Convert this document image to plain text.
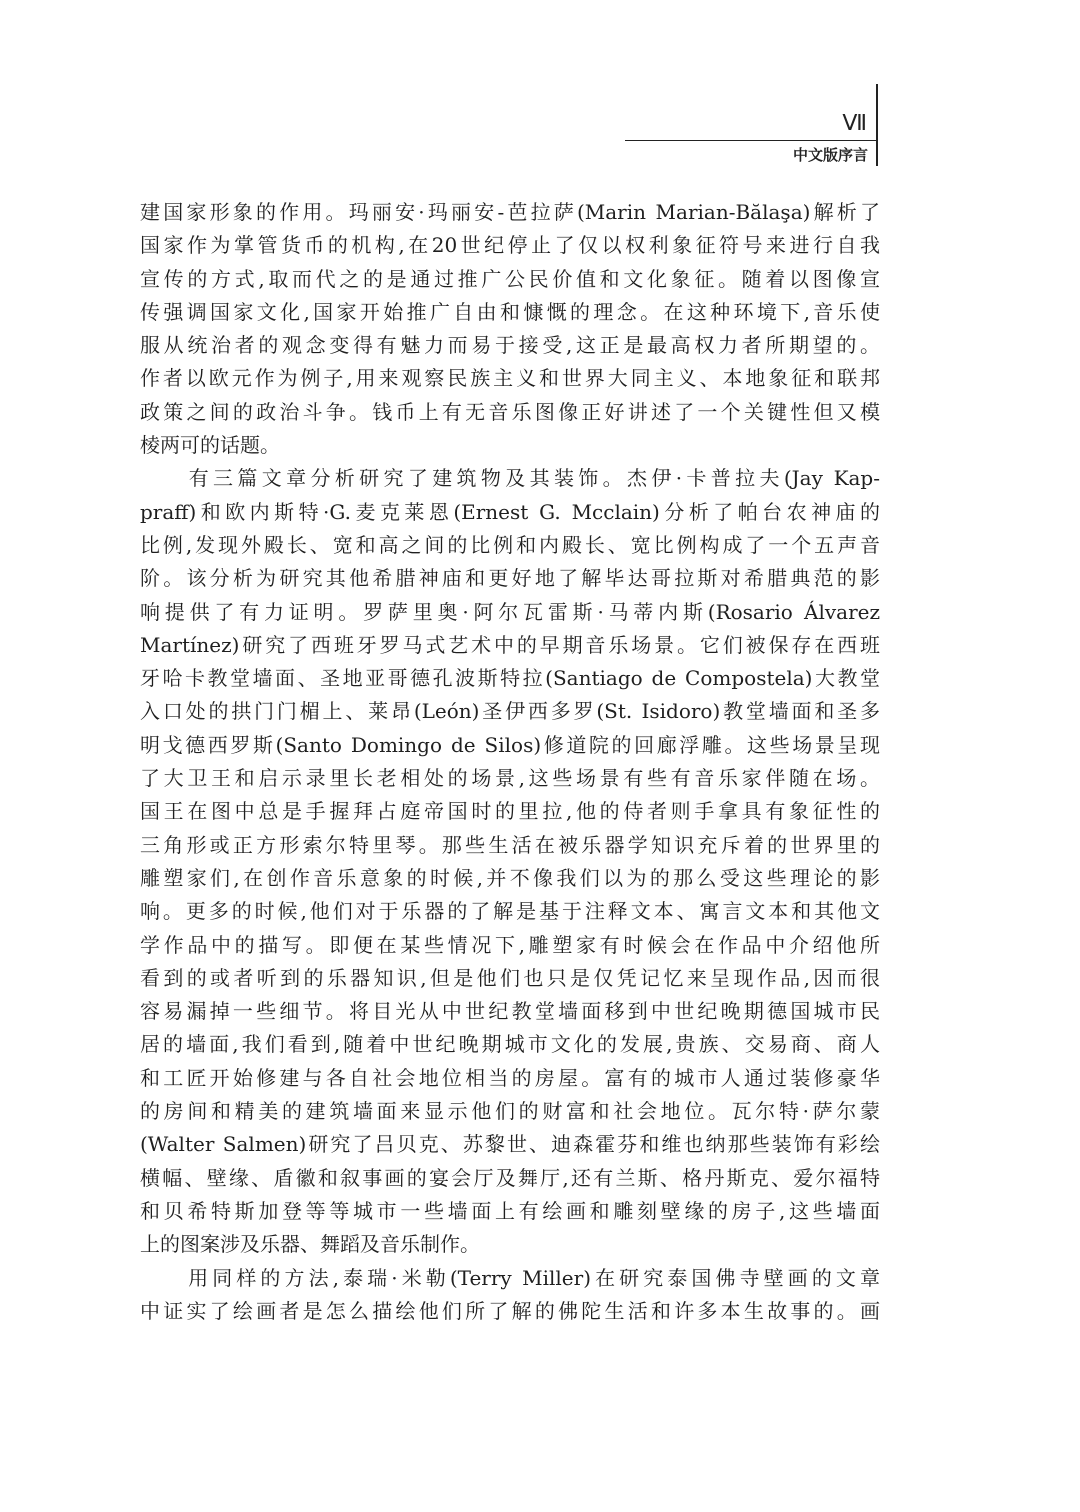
Ⅶ
中文版序言
建国家形象的作用。玛丽安·玛丽安-芭拉萨(Marin Marian-Bălaşa)解析了
国家作为掌管货币的机构,在20世纪停止了仅以权利象征符号来进行自我
宣传的方式,取而代之的是通过推广公民价值和文化象征。随着以图像宣
传强调国家文化,国家开始推广自由和慷慨的理念。在这种环境下,音乐使
服从统治者的观念变得有魅力而易于接受,这正是最高权力者所期望的。
作者以欧元作为例子,用来观察民族主义和世界大同主义、本地象征和联邦
政策之间的政治斗争。钱币上有无音乐图像正好讲述了一个关键性但又模
棱两可的话题。
　　有三篇文章分析研究了建筑物及其装饰。杰伊·卡普拉夫(Jay Kap-
praff)和欧内斯特·G.麦克莱恩(Ernest G. Mcclain)分析了帕台农神庙的
比例,发现外殿长、宽和高之间的比例和内殿长、宽比例构成了一个五声音
阶。该分析为研究其他希腊神庙和更好地了解毕达哥拉斯对希腊典范的影
响提供了有力证明。罗萨里奥·阿尔瓦雷斯·马蒂内斯(Rosario Álvarez
Martínez)研究了西班牙罗马式艺术中的早期音乐场景。它们被保存在西班
牙哈卡教堂墙面、圣地亚哥德孔波斯特拉(Santiago de Compostela)大教堂
入口处的拱门门楣上、莱昂(León)圣伊西多罗(St. Isidoro)教堂墙面和圣多
明戈德西罗斯(Santo Domingo de Silos)修道院的回廊浮雕。这些场景呈现
了大卫王和启示录里长老相处的场景,这些场景有些有音乐家伴随在场。
国王在图中总是手握拜占庭帝国时的里拉,他的侍者则手拿具有象征性的
三角形或正方形索尔特里琴。那些生活在被乐器学知识充斥着的世界里的
雕塑家们,在创作音乐意象的时候,并不像我们以为的那么受这些理论的影
响。更多的时候,他们对于乐器的了解是基于注释文本、寓言文本和其他文
学作品中的描写。即便在某些情况下,雕塑家有时候会在作品中介绍他所
看到的或者听到的乐器知识,但是他们也只是仅凭记忆来呈现作品,因而很
容易漏掉一些细节。将目光从中世纪教堂墙面移到中世纪晚期德国城市民
居的墙面,我们看到,随着中世纪晚期城市文化的发展,贵族、交易商、商人
和工匠开始修建与各自社会地位相当的房屋。富有的城市人通过装修豪华
的房间和精美的建筑墙面来显示他们的财富和社会地位。瓦尔特·萨尔蒙
(Walter Salmen)研究了吕贝克、苏黎世、迪森霍芬和维也纳那些装饰有彩绘
横幅、壁缘、盾徽和叙事画的宴会厅及舞厅,还有兰斯、格丹斯克、爱尔福特
和贝希特斯加登等等城市一些墙面上有绘画和雕刻壁缘的房子,这些墙面
上的图案涉及乐器、舞蹈及音乐制作。
　　用同样的方法,泰瑞·米勒(Terry Miller)在研究泰国佛寺壁画的文章
中证实了绘画者是怎么描绘他们所了解的佛陀生活和许多本生故事的。画
